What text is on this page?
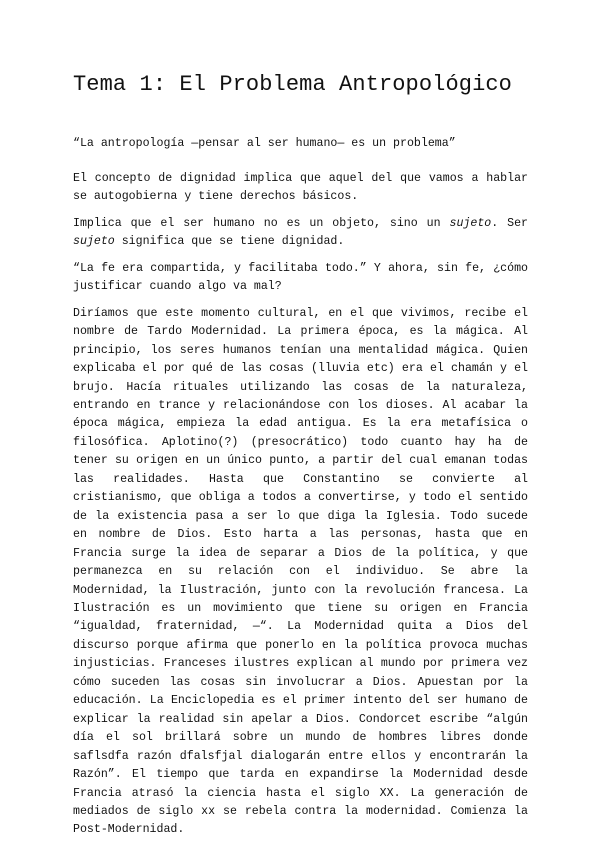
Tema 1: El Problema Antropológico

“La antropología —pensar al ser humano— es un problema”

El concepto de dignidad implica que aquel del que vamos a hablar se autogobierna y tiene derechos básicos.

Implica que el ser humano no es un objeto, sino un sujeto. Ser sujeto significa que se tiene dignidad.

“La fe era compartida, y facilitaba todo.” Y ahora, sin fe, ¿cómo justificar cuando algo va mal?

Diríamos que este momento cultural, en el que vivimos, recibe el nombre de Tardo Modernidad. La primera época, es la mágica. Al principio, los seres humanos tenían una mentalidad mágica. Quien explicaba el por qué de las cosas (lluvia etc) era el chamán y el brujo. Hacía rituales utilizando las cosas de la naturaleza, entrando en trance y relacionándose con los dioses. Al acabar la época mágica, empieza la edad antigua. Es la era metafísica o filosófica. Aplotino(?) (presocrático) todo cuanto hay ha de tener su origen en un único punto, a partir del cual emanan todas las realidades. Hasta que Constantino se convierte al cristianismo, que obliga a todos a convertirse, y todo el sentido de la existencia pasa a ser lo que diga la Iglesia. Todo sucede en nombre de Dios. Esto harta a las personas, hasta que en Francia surge la idea de separar a Dios de la política, y que permanezca en su relación con el individuo. Se abre la Modernidad, la Ilustración, junto con la revolución francesa. La Ilustración es un movimiento que tiene su origen en Francia “igualdad, fraternidad, —“. La Modernidad quita a Dios del discurso porque afirma que ponerlo en la política provoca muchas injusticias. Franceses ilustres explican al mundo por primera vez cómo suceden las cosas sin involucrar a Dios. Apuestan por la educación. La Enciclopedia es el primer intento del ser humano de explicar la realidad sin apelar a Dios. Condorcet escribe “algún día el sol brillará sobre un mundo de hombres libres donde saflsdfa razón dfalsfjal dialogarán entre ellos y encontrarán la Razón”. El tiempo que tarda en expandirse la Modernidad desde Francia atrasó la ciencia hasta el siglo XX. La generación de mediados de siglo xx se rebela contra la modernidad. Comienza la Post-Modernidad.
